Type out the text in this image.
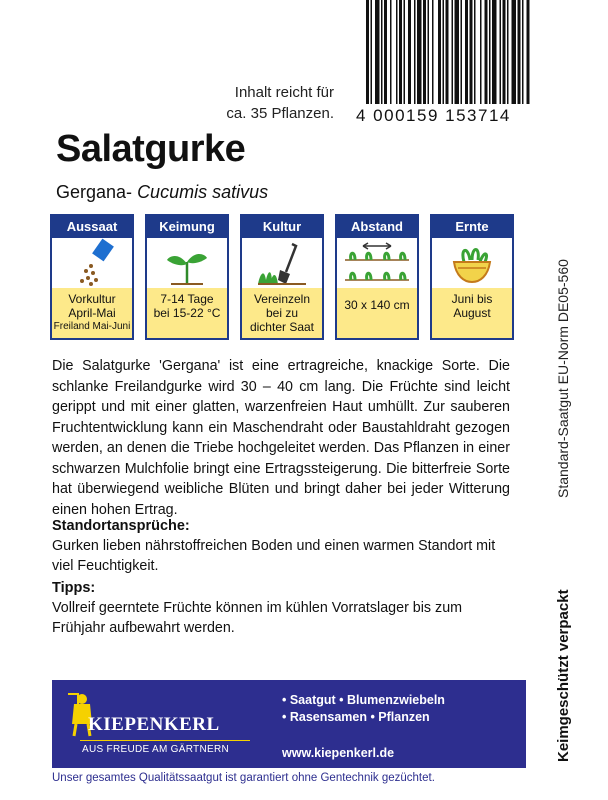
4 000159 153714
Inhalt reicht für
ca. 35 Pflanzen.
Salatgurke
Gergana- Cucumis sativus
Aussaat
Vorkultur
April-Mai
Freiland Mai-Juni
Keimung
7-14 Tage
bei 15-22 °C
Kultur
Vereinzeln
bei zu
dichter Saat
Abstand
30 x 140 cm
Ernte
Juni bis
August
Die Salatgurke 'Gergana' ist eine ertragreiche, knackige Sorte. Die schlanke Freilandgurke wird 30 – 40 cm lang. Die Früchte sind leicht gerippt und mit einer glatten, warzenfreien Haut umhüllt. Zur sauberen Fruchtentwicklung kann ein Maschendraht oder Baustahldraht gezogen werden, an denen die Triebe hochgeleitet werden. Das Pflanzen in einer schwarzen Mulchfolie bringt eine Ertragssteigerung. Die bitterfreie Sorte hat überwiegend weibliche Blüten und bringt daher bei jeder Witterung einen hohen Ertrag.
Standortansprüche:
Gurken lieben nährstoffreichen Boden und einen warmen Standort mit viel Feuchtigkeit.
Tipps:
Vollreif geerntete Früchte können im kühlen Vorratslager bis zum Frühjahr aufbewahrt werden.
Standard-Saatgut EU-Norm DE05-560
Keimgeschützt verpackt
KIEPENKERL
AUS FREUDE AM GÄRTNERN
• Saatgut • Blumenzwiebeln
• Rasensamen • Pflanzen
www.kiepenkerl.de
Unser gesamtes Qualitätssaatgut ist garantiert ohne Gentechnik gezüchtet.
